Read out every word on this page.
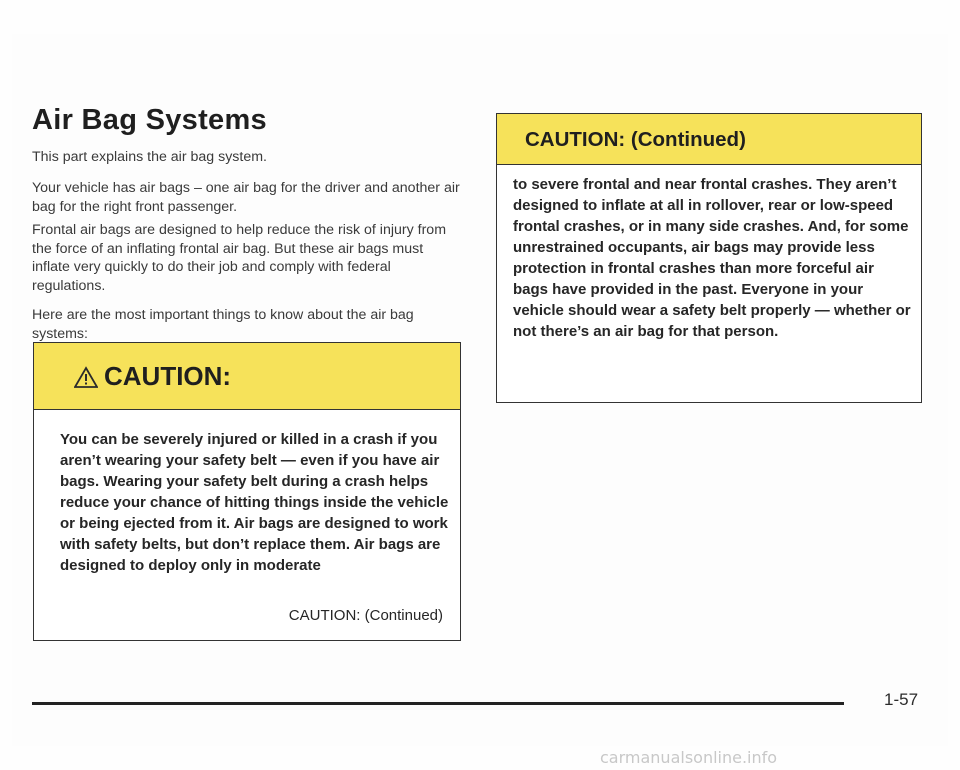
Air Bag Systems

This part explains the air bag system.

Your vehicle has air bags – one air bag for the driver and another air bag for the right front passenger.

Frontal air bags are designed to help reduce the risk of injury from the force of an inflating frontal air bag. But these air bags must inflate very quickly to do their job and comply with federal regulations.

Here are the most important things to know about the air bag systems:

CAUTION:

You can be severely injured or killed in a crash if you aren’t wearing your safety belt — even if you have air bags. Wearing your safety belt during a crash helps reduce your chance of hitting things inside the vehicle or being ejected from it. Air bags are designed to work with safety belts, but don’t replace them. Air bags are designed to deploy only in moderate

CAUTION: (Continued)
CAUTION: (Continued)

to severe frontal and near frontal crashes. They aren’t designed to inflate at all in rollover, rear or low-speed frontal crashes, or in many side crashes. And, for some unrestrained occupants, air bags may provide less protection in frontal crashes than more forceful air bags have provided in the past. Everyone in your vehicle should wear a safety belt properly — whether or not there’s an air bag for that person.

1-57
carmanualsonline.info
